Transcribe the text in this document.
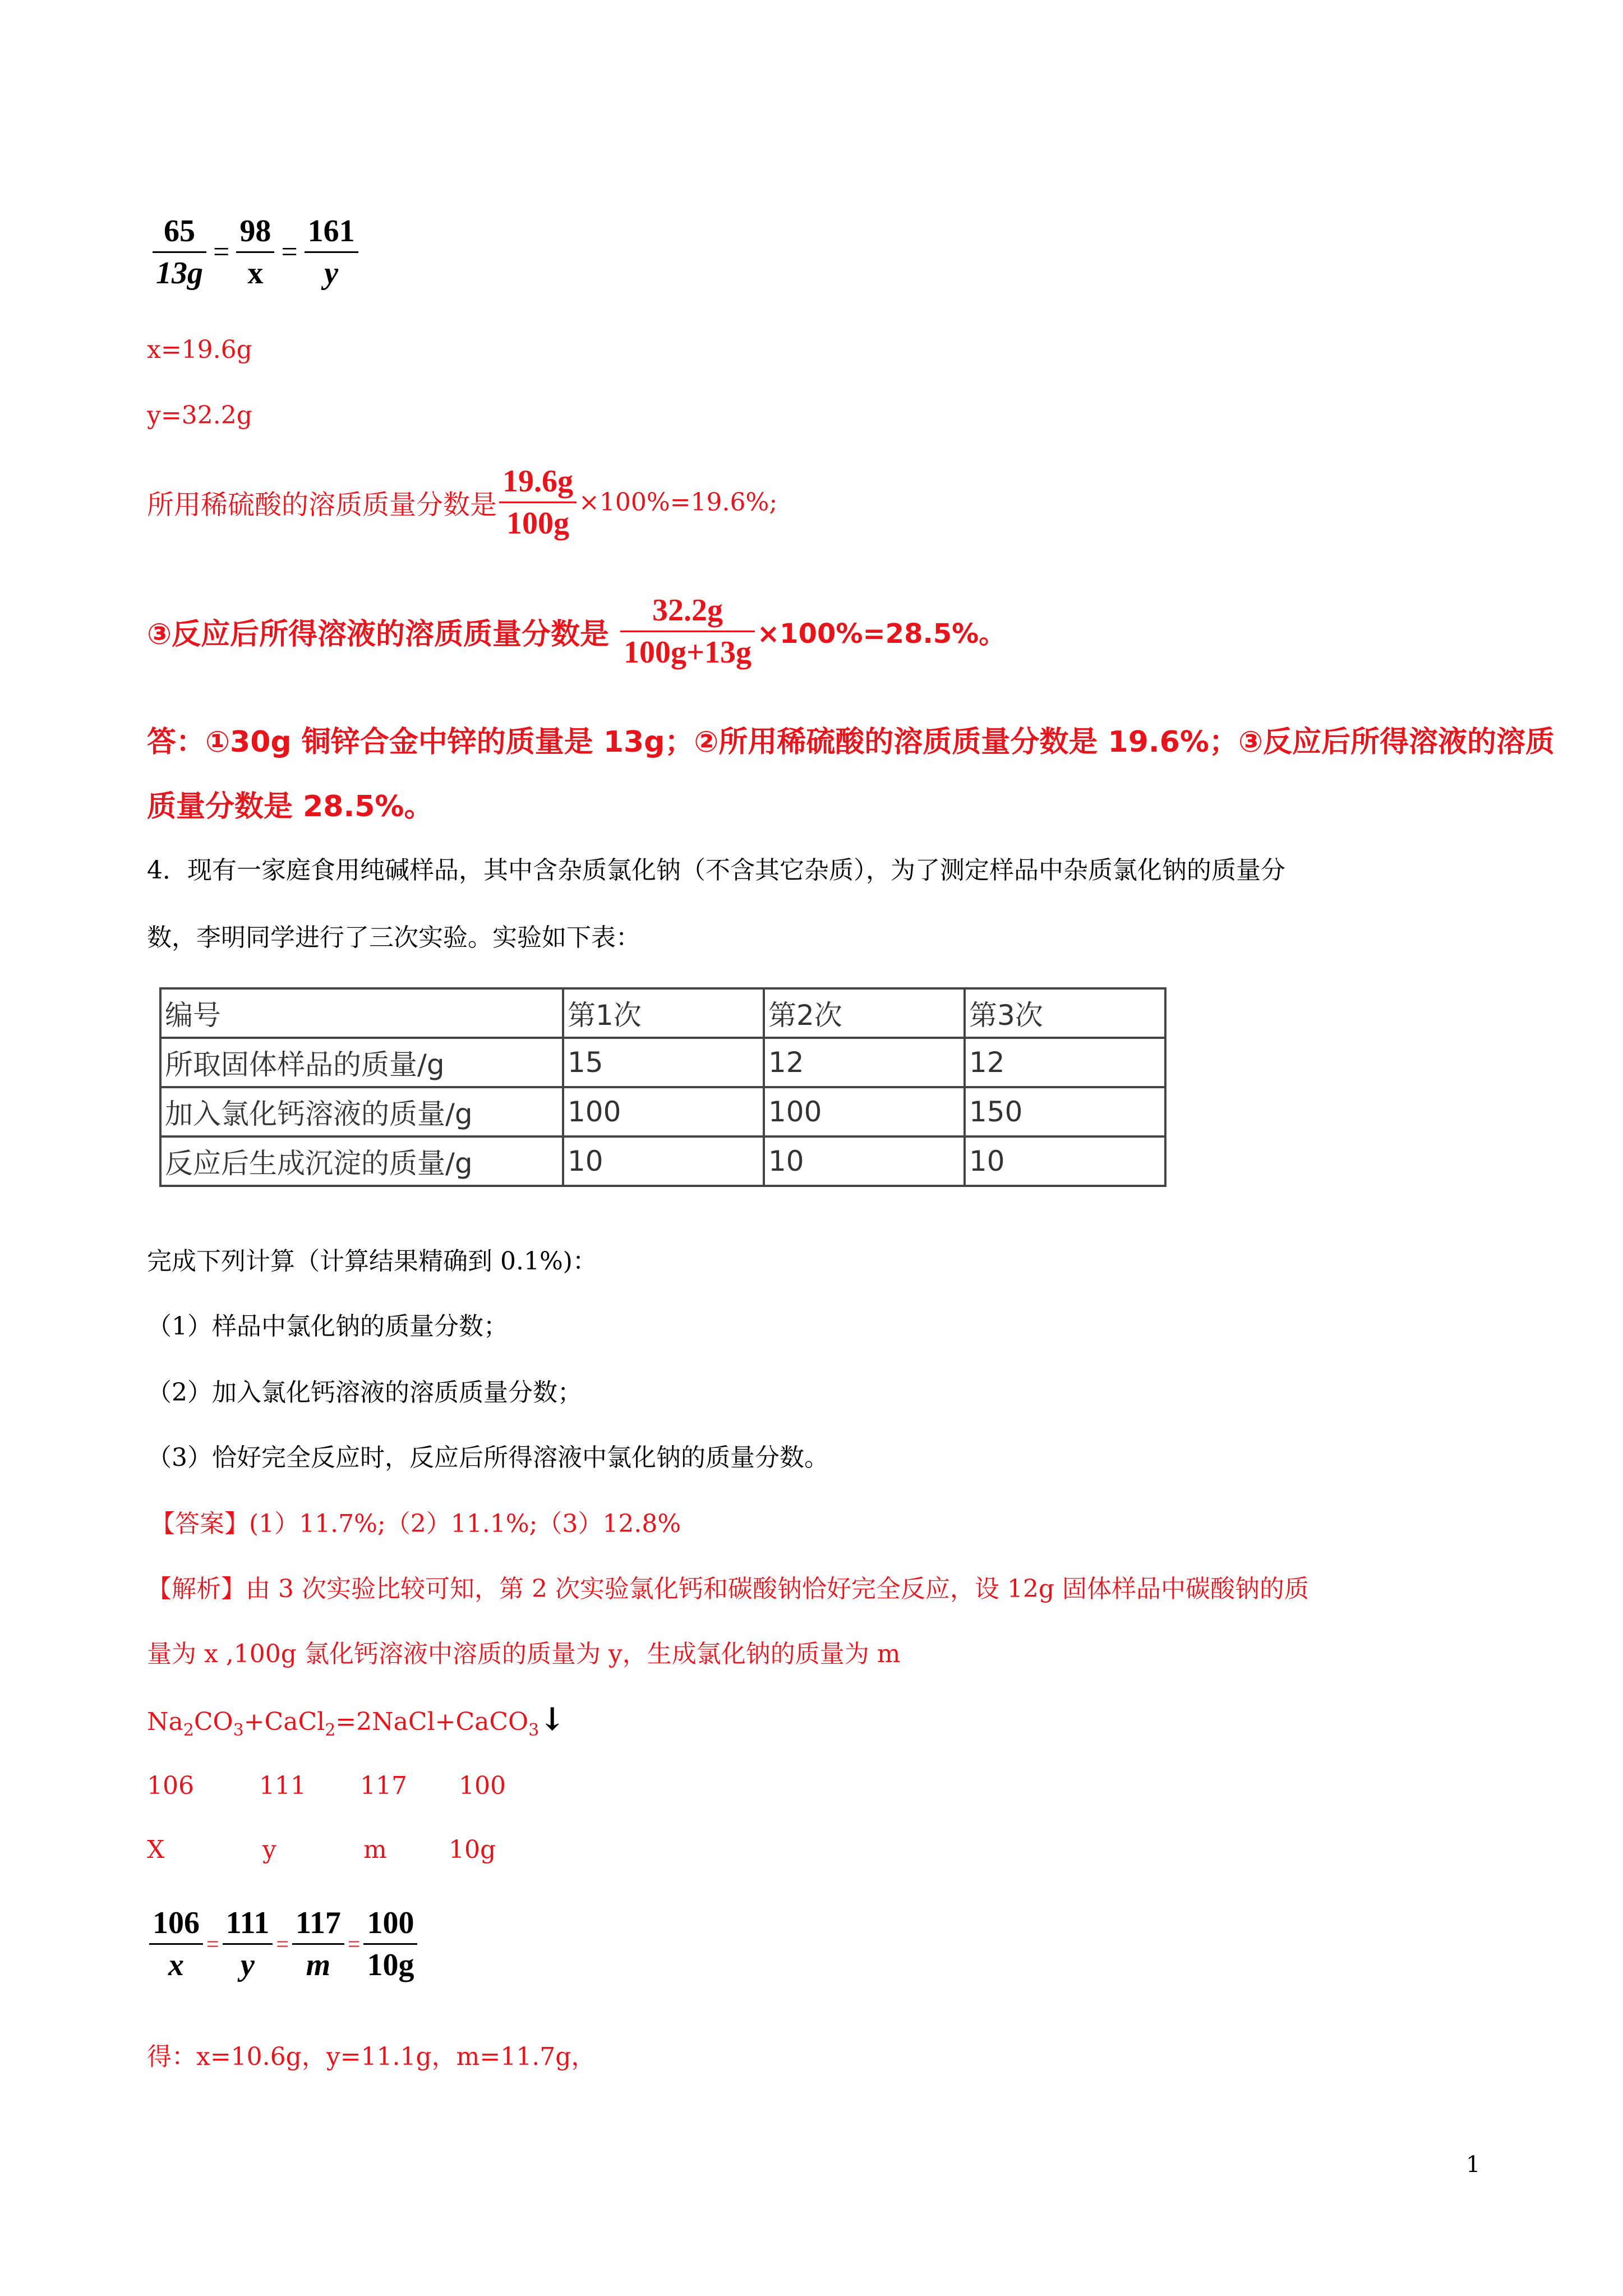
65
13g
=
98
x
=
161
y
x=19.6g
y=32.2g
所用稀硫酸的溶质质量分数是
19.6g
100g
×100%=19.6%;
③反应后所得溶液的溶质质量分数是
32.2g
100g+13g
×100%=28.5%。
答：①30g 铜锌合金中锌的质量是 13g；②所用稀硫酸的溶质质量分数是 19.6%；③反应后所得溶液的溶质
质量分数是 28.5%。
4．现有一家庭食用纯碱样品，其中含杂质氯化钠（不含其它杂质），为了测定样品中杂质氯化钠的质量分
数，李明同学进行了三次实验。实验如下表：
编号	第1次	第2次	第3次
所取固体样品的质量/g	15	12	12
加入氯化钙溶液的质量/g	100	100	150
反应后生成沉淀的质量/g	10	10	10
完成下列计算（计算结果精确到 0.1%)：
（1）样品中氯化钠的质量分数；
（2）加入氯化钙溶液的溶质质量分数；
（3）恰好完全反应时，反应后所得溶液中氯化钠的质量分数。
【答案】(1）11.7%;（2）11.1%;（3）12.8%
【解析】由 3 次实验比较可知，第 2 次实验氯化钙和碳酸钠恰好完全反应，设 12g 固体样品中碳酸钠的质
量为 x ,100g 氯化钙溶液中溶质的质量为 y，生成氯化钠的质量为 m
$Na_2CO_3+CaCl_2=2NaCl+CaCO_3↓$
106	111 117 100
X	y	m	10g
106
x
=
111
y
=
117
m
=
100
10g
得：x=10.6g，y=11.1g，m=11.7g，
1
